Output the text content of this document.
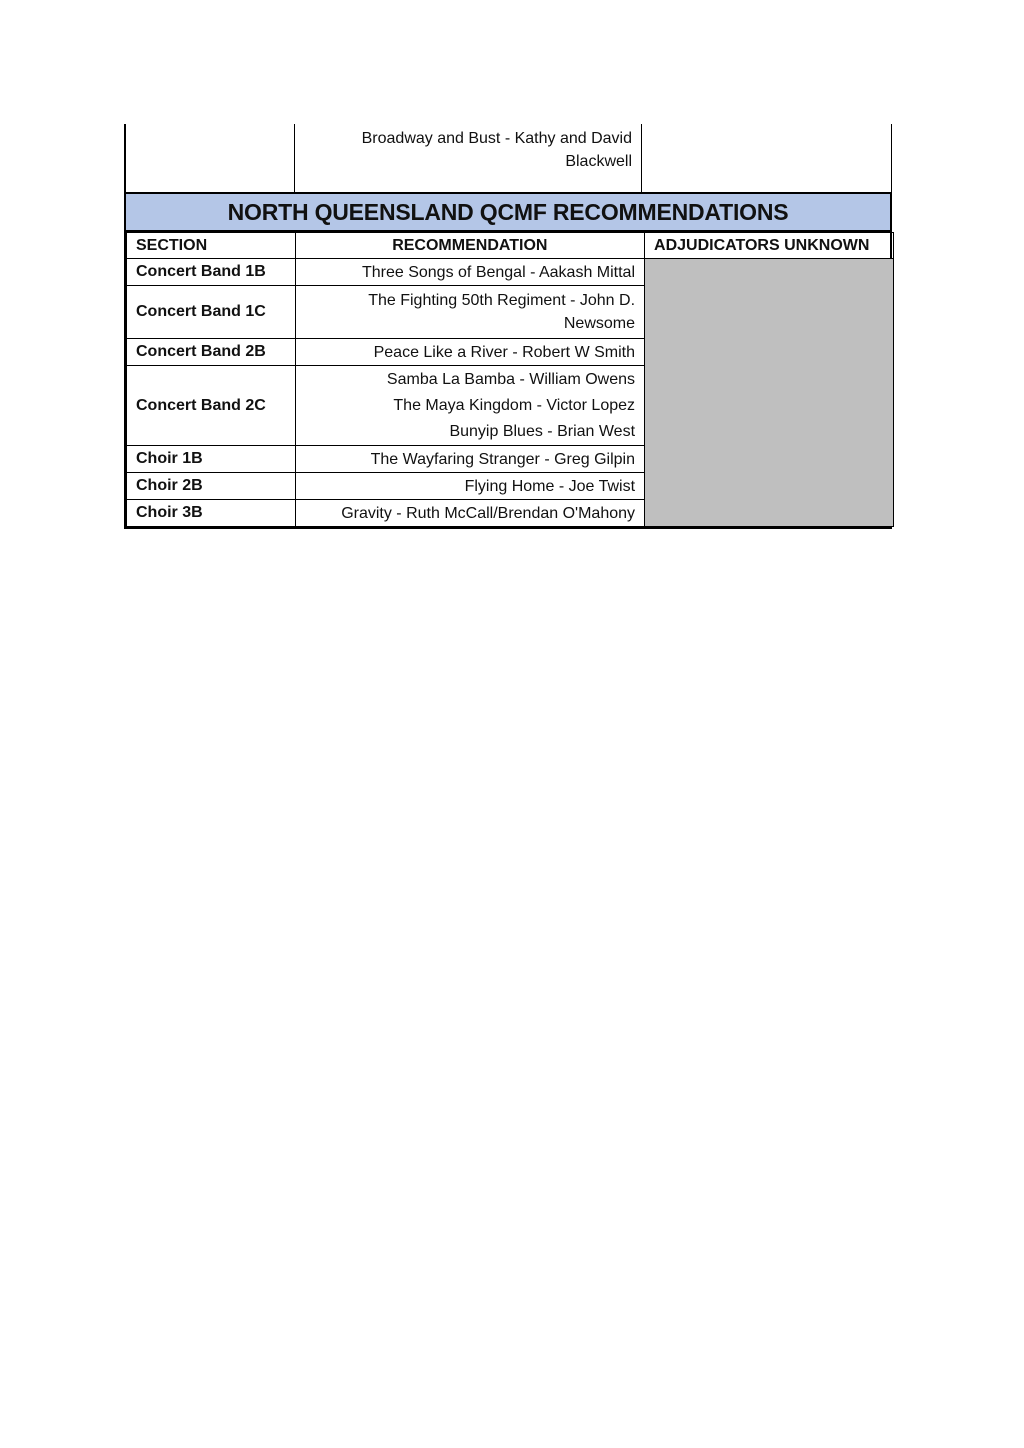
Broadway and Bust - Kathy and David Blackwell
NORTH QUEENSLAND QCMF RECOMMENDATIONS
SECTION	RECOMMENDATION	ADJUDICATORS UNKNOWN
Concert Band 1B	Three Songs of Bengal - Aakash Mittal	

Concert Band 1C	The Fighting 50th Regiment - John D. Newsome	

Concert Band 2B	Peace Like a River - Robert W Smith	

Concert Band 2C	Samba La Bamba - William Owens
The Maya Kingdom - Victor Lopez
Bunyip Blues - Brian West	

Choir 1B	The Wayfaring Stranger - Greg Gilpin	

Choir 2B	Flying Home - Joe Twist	

Choir 3B	Gravity - Ruth McCall/Brendan O'Mahony	
